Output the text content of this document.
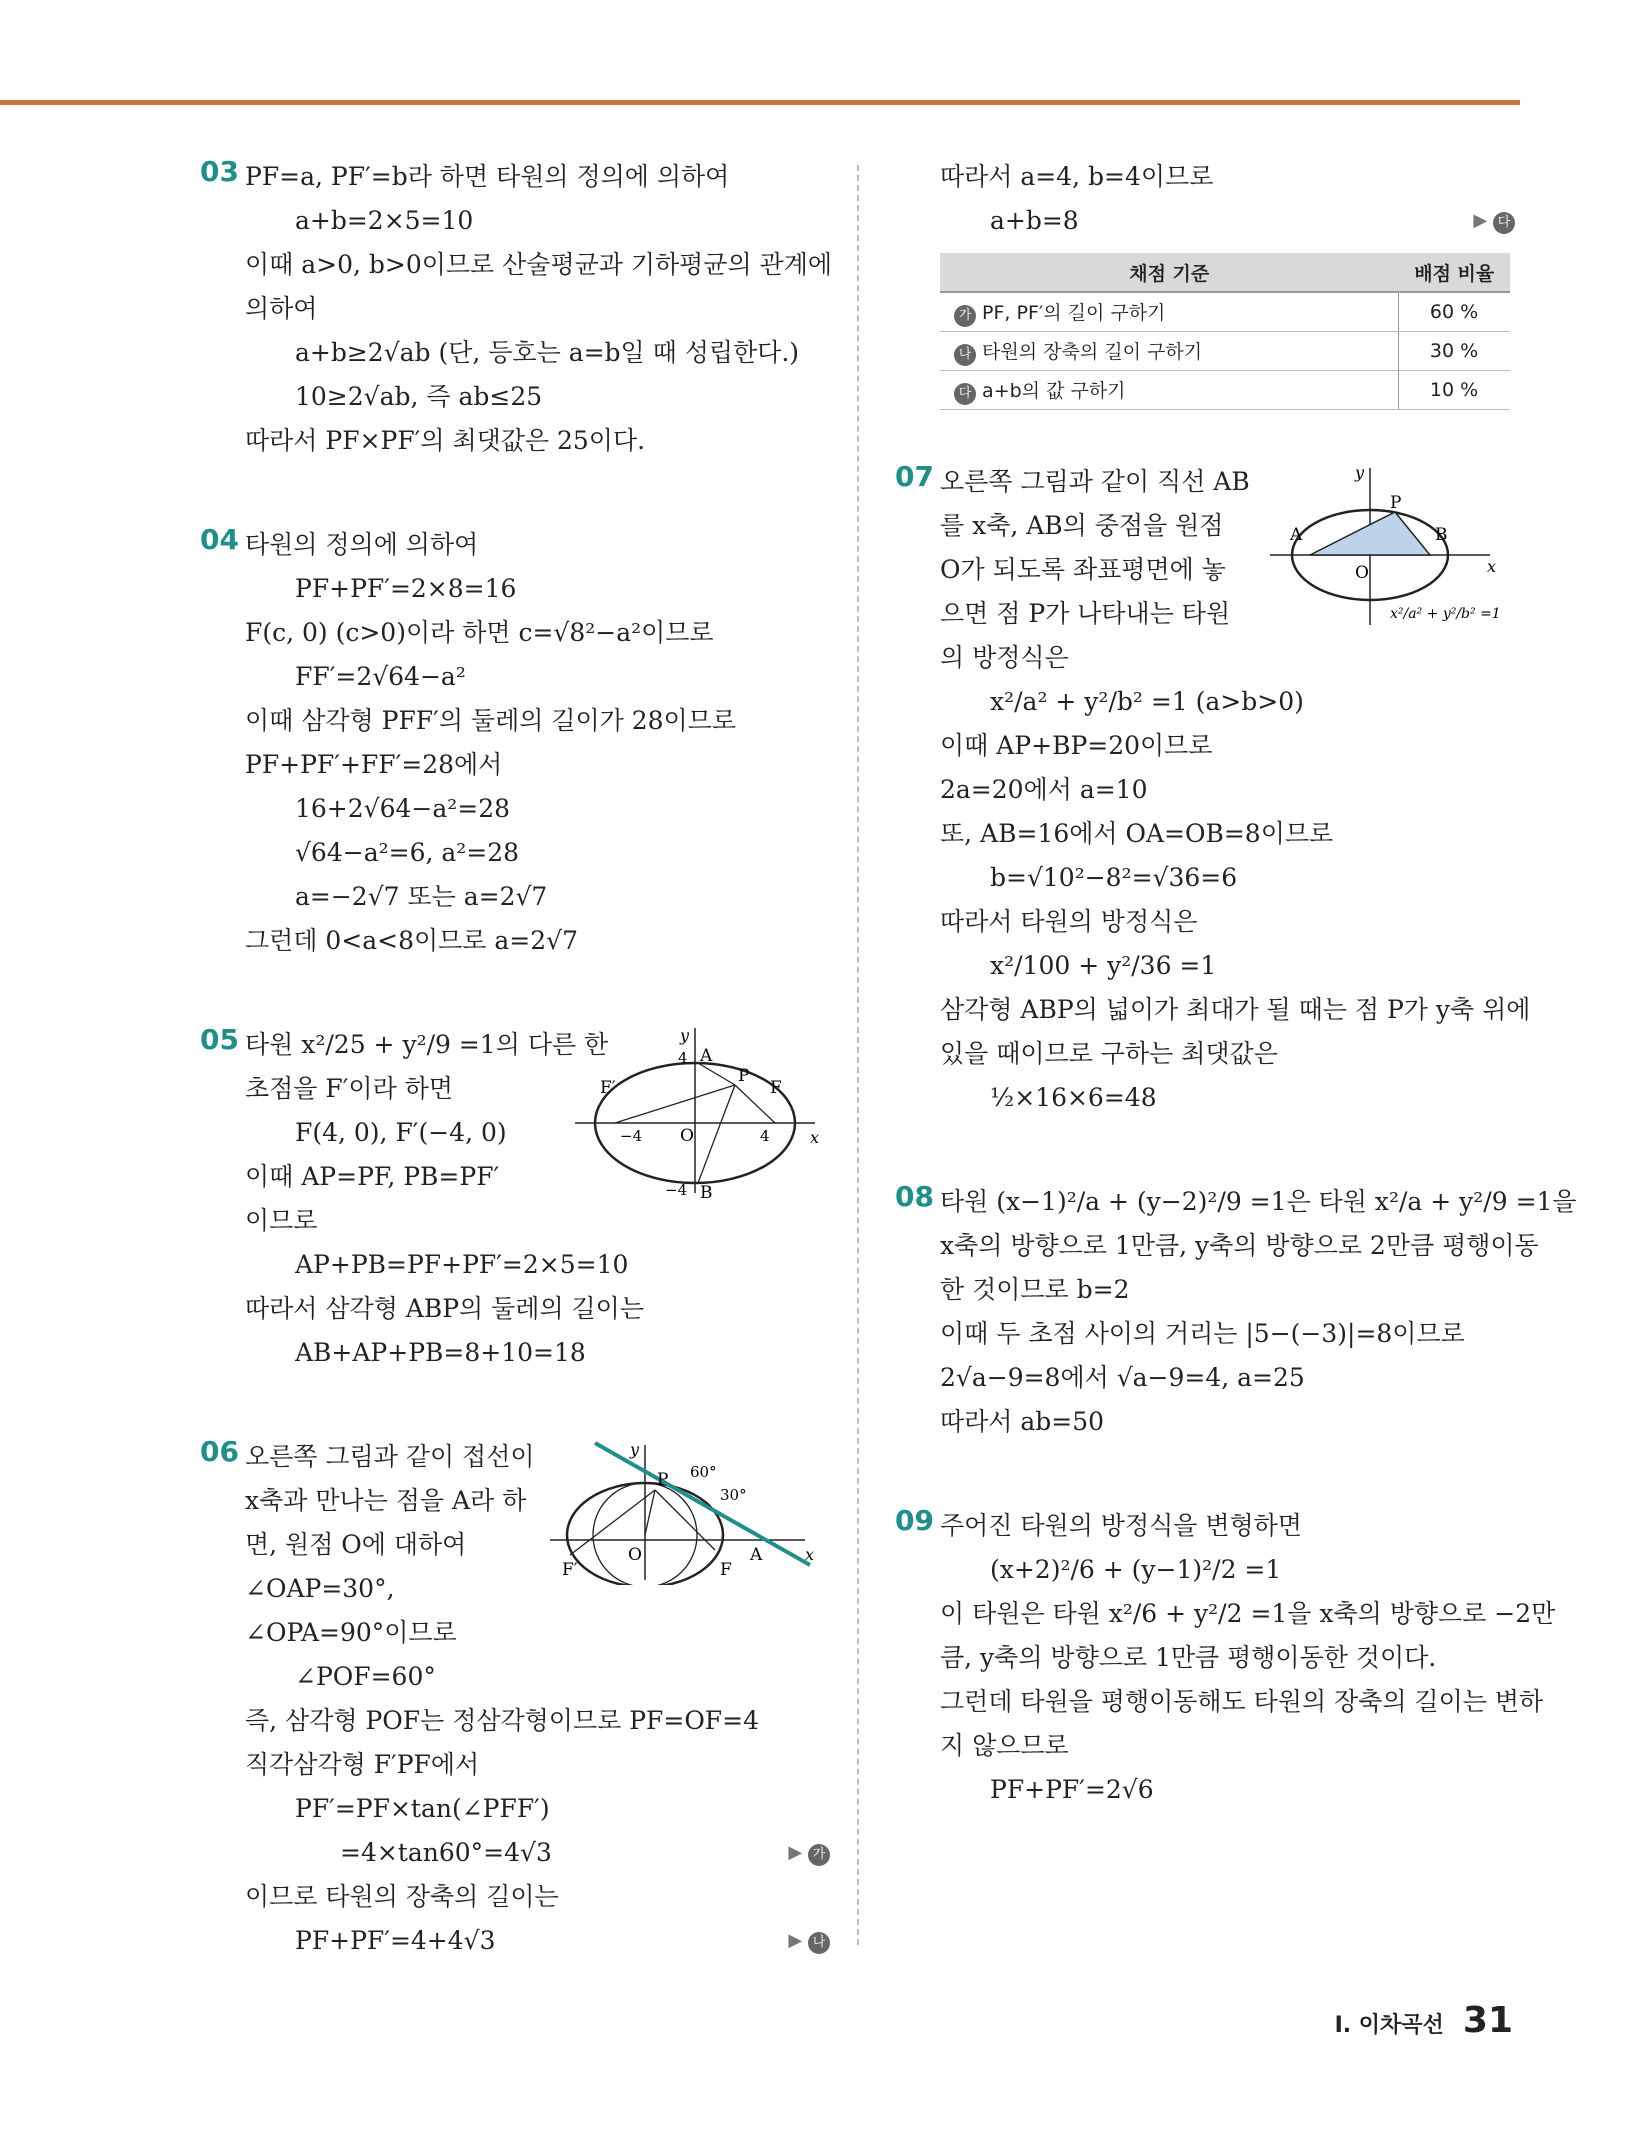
03 PF=a, PF′=b라 하면 타원의 정의에 의하여
a+b=2×5=10
이때 a>0, b>0이므로 산술평균과 기하평균의 관계에
의하여
a+b≥2√ab (단, 등호는 a=b일 때 성립한다.)
10≥2√ab, 즉 ab≤25
따라서 PF×PF′의 최댓값은 25이다.
04 타원의 정의에 의하여
PF+PF′=2×8=16
F(c, 0) (c>0)이라 하면 c=√8²−a²이므로
FF′=2√64−a²
이때 삼각형 PFF′의 둘레의 길이가 28이므로
PF+PF′+FF′=28에서
16+2√64−a²=28
√64−a²=6, a²=28
a=−2√7 또는 a=2√7
그런데 0<a<8이므로 a=2√7
05 타원 x²/25 + y²/9 =1의 다른 한
초점을 F′이라 하면
F(4, 0), F′(−4, 0)
이때 AP=PF, PB=PF′
이므로
AP+PB=PF+PF′=2×5=10
따라서 삼각형 ABP의 둘레의 길이는
AB+AP+PB=8+10=18
y
x
A
B
P
F
F′
O
4
−4	4
−4
06 오른쪽 그림과 같이 접선이
x축과 만나는 점을 A라 하
면, 원점 O에 대하여
∠OAP=30°,
∠OPA=90°이므로
∠POF=60°
즉, 삼각형 POF는 정삼각형이므로 PF=OF=4
직각삼각형 F′PF에서
PF′=PF×tan(∠PFF′)
=4×tan60°=4√3	▶ 가
이므로 타원의 장축의 길이는
PF+PF′=4+4√3	▶ 나
y
x
P
A
O
F
F′
60°
30°
따라서 a=4, b=4이므로
a+b=8	▶ 다
채점 기준	배점 비율
가 PF, PF′의 길이 구하기	60 %
나 타원의 장축의 길이 구하기	30 %
다 a+b의 값 구하기	10 %
07 오른쪽 그림과 같이 직선 AB
를 x축, AB의 중점을 원점
O가 되도록 좌표평면에 놓
으면 점 P가 나타내는 타원
의 방정식은
x²/a² + y²/b² =1 (a>b>0)
이때 AP+BP=20이므로
2a=20에서 a=10
또, AB=16에서 OA=OB=8이므로
b=√10²−8²=√36=6
따라서 타원의 방정식은
x²/100 + y²/36 =1
삼각형 ABP의 넓이가 최대가 될 때는 점 P가 y축 위에
있을 때이므로 구하는 최댓값은
½×16×6=48
y
x
A	B
P
O
x²/a² + y²/b² =1
08 타원 (x−1)²/a + (y−2)²/9 =1은 타원 x²/a + y²/9 =1을
x축의 방향으로 1만큼, y축의 방향으로 2만큼 평행이동
한 것이므로 b=2
이때 두 초점 사이의 거리는 |5−(−3)|=8이므로
2√a−9=8에서 √a−9=4, a=25
따라서 ab=50
09 주어진 타원의 방정식을 변형하면
(x+2)²/6 + (y−1)²/2 =1
이 타원은 타원 x²/6 + y²/2 =1을 x축의 방향으로 −2만
큼, y축의 방향으로 1만큼 평행이동한 것이다.
그런데 타원을 평행이동해도 타원의 장축의 길이는 변하
지 않으므로
PF+PF′=2√6
I. 이차곡선 31
